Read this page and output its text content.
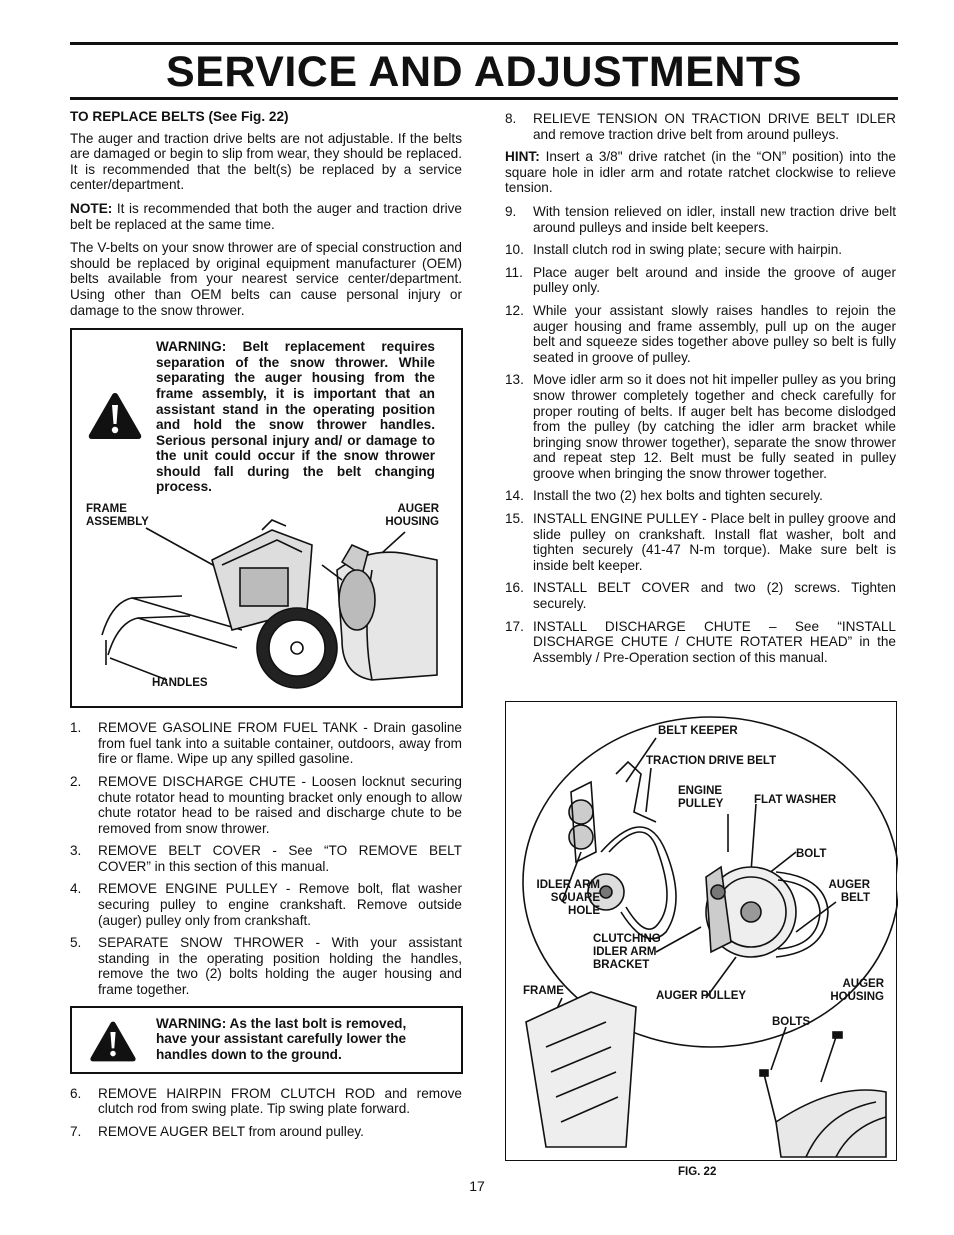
SERVICE AND ADJUSTMENTS

TO REPLACE BELTS (See Fig. 22)

The auger and traction drive belts are not adjustable. If the belts are damaged or begin to slip from wear, they should be replaced. It is recommended that the belt(s) be replaced by a service center/department.

NOTE: It is recommended that both the auger and traction drive belt be replaced at the same time.

The V-belts on your snow thrower are of special construction and should be replaced by original equipment manufacturer (OEM) belts available from your nearest service center/department. Using other than OEM belts can cause personal injury or damage to the snow thrower.

WARNING: Belt replacement requires separation of the snow thrower. While separating the auger housing from the frame assembly, it is important that an assistant stand in the operating position and hold the snow thrower handles. Serious personal injury and/ or damage to the unit could occur if the snow thrower should fall during the belt changing process.
FRAME
ASSEMBLY
AUGER
HOUSING
HANDLES
1.	REMOVE GASOLINE FROM FUEL TANK - Drain gasoline from fuel tank into a suitable container, outdoors, away from fire or flame. Wipe up any spilled gasoline.
2.	REMOVE DISCHARGE CHUTE - Loosen locknut securing chute rotator head to mounting bracket only enough to allow chute rotator head to be raised and discharge chute to be removed from snow thrower.
3.	REMOVE BELT COVER - See “TO REMOVE BELT COVER” in this section of this manual.
4.	REMOVE ENGINE PULLEY - Remove bolt, flat washer securing pulley to engine crankshaft. Remove outside (auger) pulley only from crankshaft.
5.	SEPARATE SNOW THROWER - With your assistant standing in the operating position holding the handles, remove the two (2) bolts holding the auger housing and frame together.
WARNING: As the last bolt is removed, have your assistant carefully lower the handles down to the ground.
6.	REMOVE HAIRPIN FROM CLUTCH ROD and remove clutch rod from swing plate. Tip swing plate forward.
7.	REMOVE AUGER BELT from around pulley.
8.	RELIEVE TENSION ON TRACTION DRIVE BELT IDLER and remove traction drive belt from around pulleys.

HINT: Insert a 3/8" drive ratchet (in the “ON” position) into the square hole in idler arm and rotate ratchet clockwise to relieve tension.

9.	With tension relieved on idler, install new traction drive belt around pulleys and inside belt keepers.
10. Install clutch rod in swing plate; secure with hairpin.
11. Place auger belt around and inside the groove of auger pulley only.
12. While your assistant slowly raises handles to rejoin the auger housing and frame assembly, pull up on the auger belt and squeeze sides together above pulley so belt is fully seated in groove of pulley.
13. Move idler arm so it does not hit impeller pulley as you bring snow thrower completely together and check carefully for proper routing of belts. If auger belt has become dislodged from the pulley (by catching the idler arm bracket while bringing snow thrower together), separate the snow thrower and repeat step 12. Belt must be fully seated in pulley groove when bringing the snow thrower together.
14. Install the two (2) hex bolts and tighten securely.
15. INSTALL ENGINE PULLEY - Place belt in pulley groove and slide pulley on crankshaft. Install flat washer, bolt and tighten securely (41-47 N-m torque). Make sure belt is inside belt keeper.
16. INSTALL BELT COVER and two (2) screws. Tighten securely.
17. INSTALL DISCHARGE CHUTE – See “INSTALL DISCHARGE CHUTE / CHUTE ROTATER HEAD” in the Assembly / Pre-Operation section of this manual.
BELT KEEPER
TRACTION DRIVE BELT
ENGINE
PULLEY	FLAT WASHER
BOLT
IDLER ARM
SQUARE
HOLE
AUGER
BELT
CLUTCHING
IDLER ARM
BRACKET
FRAME	AUGER PULLEY
AUGER
HOUSING
BOLTS
FIG. 22
17
